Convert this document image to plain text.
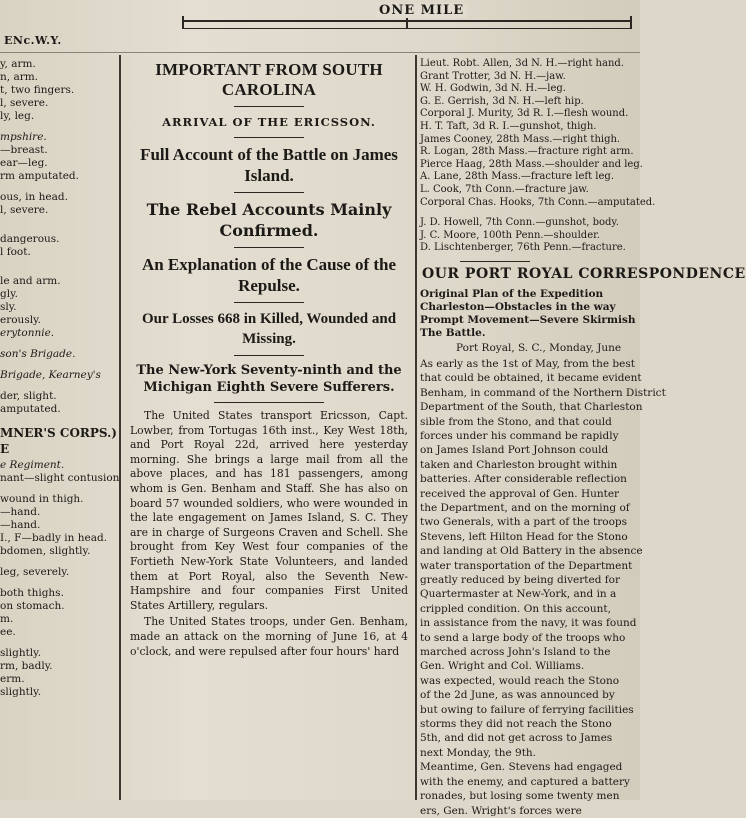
ENc.W.Y.
ONE MILE
y, arm.
n, arm.
t, two fingers.
l, severe.
ly, leg.
mpshire.
—breast.
ear—leg.
rm amputated.
ous, in head.
l, severe.
dangerous.
l foot.
le and arm.
gly.
sly.
erously.
erytonnie.
son's Brigade.
Brigade, Kearney's
der, slight.
amputated.
MNER'S CORPS.)
E
e Regiment.
nant—slight contusion
wound in thigh.
—hand.
—hand.
I., F—badly in head.
bdomen, slightly.
leg, severely.
both thighs.
on stomach.
m.
ee.
slightly.
rm, badly.
erm.
slightly.
IMPORTANT FROM SOUTH CAROLINA
ARRIVAL OF THE ERICSSON.
Full Account of the Battle on James Island.
The Rebel Accounts Mainly Confirmed.
An Explanation of the Cause of the Repulse.
Our Losses 668 in Killed, Wounded and Missing.
The New-York Seventy-ninth and the Michigan Eighth Severe Sufferers.

The United States transport Ericsson, Capt. Lowber, from Tortugas 16th inst., Key West 18th, and Port Royal 22d, arrived here yesterday morning. She brings a large mail from all the above places, and has 181 passengers, among whom is Gen. Benham and Staff. She has also on board 57 wounded soldiers, who were wounded in the late engagement on James Island, S. C. They are in charge of Surgeons Craven and Schell. She brought from Key West four companies of the Fortieth New-York State Volunteers, and landed them at Port Royal, also the Seventh New-Hampshire and four companies First United States Artillery, regulars.

The United States troops, under Gen. Benham, made an attack on the morning of June 16, at 4 o'clock, and were repulsed after four hours' hard

Lieut. Robt. Allen, 3d N. H.—right hand.
Grant Trotter, 3d N. H.—jaw.
W. H. Godwin, 3d N. H.—leg.
G. E. Gerrish, 3d N. H.—left hip.
Corporal J. Murity, 3d R. I.—flesh wound.
H. T. Taft, 3d R. I.—gunshot, thigh.
James Cooney, 28th Mass.—right thigh.
R. Logan, 28th Mass.—fracture right arm.
Pierce Haag, 28th Mass.—shoulder and leg.
A. Lane, 28th Mass.—fracture left leg.
L. Cook, 7th Conn.—fracture jaw.
Corporal Chas. Hooks, 7th Conn.—amputated.
J. D. Howell, 7th Conn.—gunshot, body.
J. C. Moore, 100th Penn.—shoulder.
D. Lischtenberger, 76th Penn.—fracture.
OUR PORT ROYAL CORRESPONDENCE
Original Plan of the Expedition
Charleston—Obstacles in the way
Prompt Movement—Severe Skirmish
The Battle.
Port Royal, S. C., Monday, June
As early as the 1st of May, from the best
that could be obtained, it became evident
Benham, in command of the Northern District
Department of the South, that Charleston
sible from the Stono, and that could
forces under his command be rapidly
on James Island Port Johnson could
taken and Charleston brought within
batteries. After considerable reflection
received the approval of Gen. Hunter
the Department, and on the morning of
two Generals, with a part of the troops
Stevens, left Hilton Head for the Stono
and landing at Old Battery in the absence
water transportation of the Department
greatly reduced by being diverted for
Quartermaster at New-York, and in a
crippled condition. On this account,
in assistance from the navy, it was found
to send a large body of the troops who
marched across John's Island to the
Gen. Wright and Col. Williams.
was expected, would reach the Stono
of the 2d June, as was announced by
but owing to failure of ferrying facilities
storms they did not reach the Stono
5th, and did not get across to James
next Monday, the 9th.
Meantime, Gen. Stevens had engaged
with the enemy, and captured a battery
ronades, but losing some twenty men
ers, Gen. Wright's forces were
